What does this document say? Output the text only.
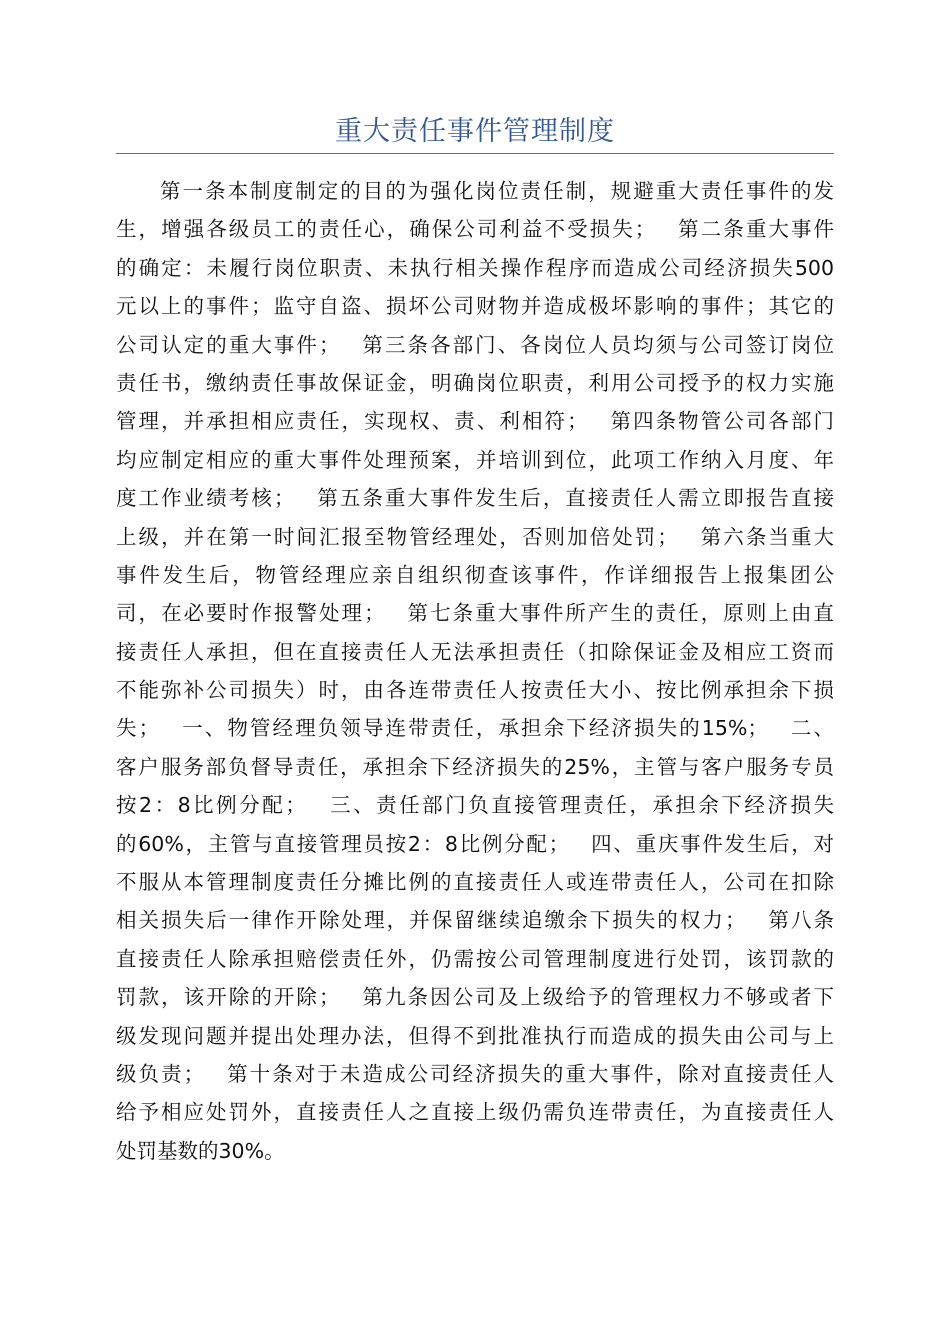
重大责任事件管理制度
第一条本制度制定的目的为强化岗位责任制，规避重大责任事件的发
生，增强各级员工的责任心，确保公司利益不受损失；　 第二条重大事件
的确定：未履行岗位职责、未执行相关操作程序而造成公司经济损失500
元以上的事件；监守自盗、损坏公司财物并造成极坏影响的事件；其它的
公司认定的重大事件；　 第三条各部门、各岗位人员均须与公司签订岗位
责任书，缴纳责任事故保证金，明确岗位职责，利用公司授予的权力实施
管理，并承担相应责任，实现权、责、利相符；　 第四条物管公司各部门
均应制定相应的重大事件处理预案，并培训到位，此项工作纳入月度、年
度工作业绩考核；　 第五条重大事件发生后，直接责任人需立即报告直接
上级，并在第一时间汇报至物管经理处，否则加倍处罚；　 第六条当重大
事件发生后，物管经理应亲自组织彻查该事件，作详细报告上报集团公
司，在必要时作报警处理；　 第七条重大事件所产生的责任，原则上由直
接责任人承担，但在直接责任人无法承担责任（扣除保证金及相应工资而
不能弥补公司损失）时，由各连带责任人按责任大小、按比例承担余下损
失；　 一、物管经理负领导连带责任，承担余下经济损失的15%；　 二、
客户服务部负督导责任，承担余下经济损失的25%，主管与客户服务专员
按2：8比例分配；　 三、责任部门负直接管理责任，承担余下经济损失
的60%，主管与直接管理员按2：8比例分配；　 四、重庆事件发生后，对
不服从本管理制度责任分摊比例的直接责任人或连带责任人，公司在扣除
相关损失后一律作开除处理，并保留继续追缴余下损失的权力；　 第八条
直接责任人除承担赔偿责任外，仍需按公司管理制度进行处罚，该罚款的
罚款，该开除的开除；　 第九条因公司及上级给予的管理权力不够或者下
级发现问题并提出处理办法，但得不到批准执行而造成的损失由公司与上
级负责；　 第十条对于未造成公司经济损失的重大事件，除对直接责任人
给予相应处罚外，直接责任人之直接上级仍需负连带责任，为直接责任人
处罚基数的30%。
